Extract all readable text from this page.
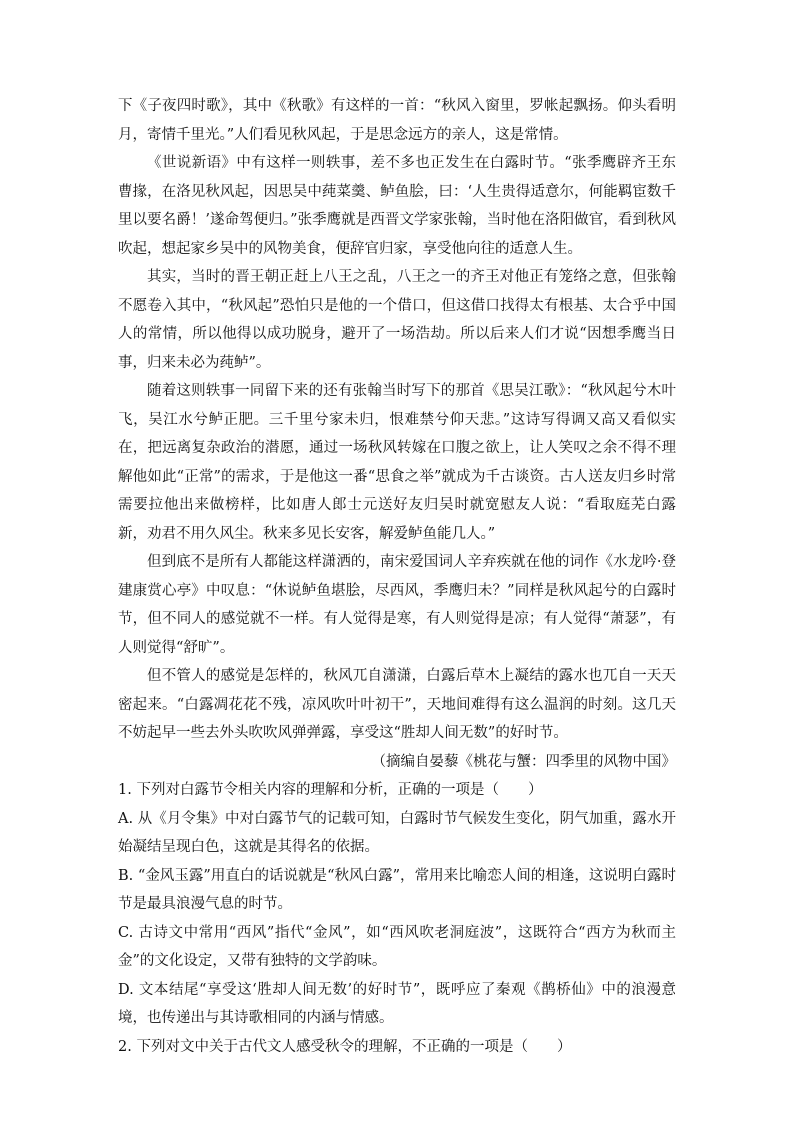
下《子夜四时歌》，其中《秋歌》有这样的一首：“秋风入窗里，罗帐起飘扬。仰头看明月，寄情千里光。”人们看见秋风起，于是思念远方的亲人，这是常情。

《世说新语》中有这样一则轶事，差不多也正发生在白露时节。“张季鹰辟齐王东曹掾，在洛见秋风起，因思吴中莼菜羹、鲈鱼脍，曰：‘人生贵得适意尔，何能羁宦数千里以要名爵！’遂命驾便归。”张季鹰就是西晋文学家张翰，当时他在洛阳做官，看到秋风吹起，想起家乡吴中的风物美食，便辞官归家，享受他向往的适意人生。

其实，当时的晋王朝正赶上八王之乱，八王之一的齐王对他正有笼络之意，但张翰不愿卷入其中，“秋风起”恐怕只是他的一个借口，但这借口找得太有根基、太合乎中国人的常情，所以他得以成功脱身，避开了一场浩劫。所以后来人们才说“因想季鹰当日事，归来未必为莼鲈”。

随着这则轶事一同留下来的还有张翰当时写下的那首《思吴江歌》：“秋风起兮木叶飞，吴江水兮鲈正肥。三千里兮家未归，恨难禁兮仰天悲。”这诗写得调又高又看似实在，把远离复杂政治的潜愿，通过一场秋风转嫁在口腹之欲上，让人笑叹之余不得不理解他如此“正常”的需求，于是他这一番“思食之举”就成为千古谈资。古人送友归乡时常需要拉他出来做榜样，比如唐人郎士元送好友归吴时就宽慰友人说：“看取庭芜白露新，劝君不用久风尘。秋来多见长安客，解爱鲈鱼能几人。”

但到底不是所有人都能这样潇洒的，南宋爱国词人辛弃疾就在他的词作《水龙吟·登建康赏心亭》中叹息：“休说鲈鱼堪脍，尽西风，季鹰归未？”同样是秋风起兮的白露时节，但不同人的感觉就不一样。有人觉得是寒，有人则觉得是凉；有人觉得“萧瑟”，有人则觉得“舒旷”。

但不管人的感觉是怎样的，秋风兀自潇潇，白露后草木上凝结的露水也兀自一天天密起来。“白露凋花花不残，凉风吹叶叶初干”，天地间难得有这么温润的时刻。这几天不妨起早一些去外头吹吹风弹弹露，享受这“胜却人间无数”的好时节。

（摘编自晏藜《桃花与蟹：四季里的风物中国》

1. 下列对白露节令相关内容的理解和分析，正确的一项是（　　）

A. 从《月令集》中对白露节气的记载可知，白露时节气候发生变化，阴气加重，露水开始凝结呈现白色，这就是其得名的依据。

B. “金风玉露”用直白的话说就是“秋风白露”，常用来比喻恋人间的相逢，这说明白露时节是最具浪漫气息的时节。

C. 古诗文中常用“西风”指代“金风”，如“西风吹老洞庭波”，这既符合“西方为秋而主金”的文化设定，又带有独特的文学韵味。

D. 文本结尾“享受这‘胜却人间无数’的好时节”，既呼应了秦观《鹊桥仙》中的浪漫意境，也传递出与其诗歌相同的内涵与情感。

2. 下列对文中关于古代文人感受秋令的理解，不正确的一项是（　　）
